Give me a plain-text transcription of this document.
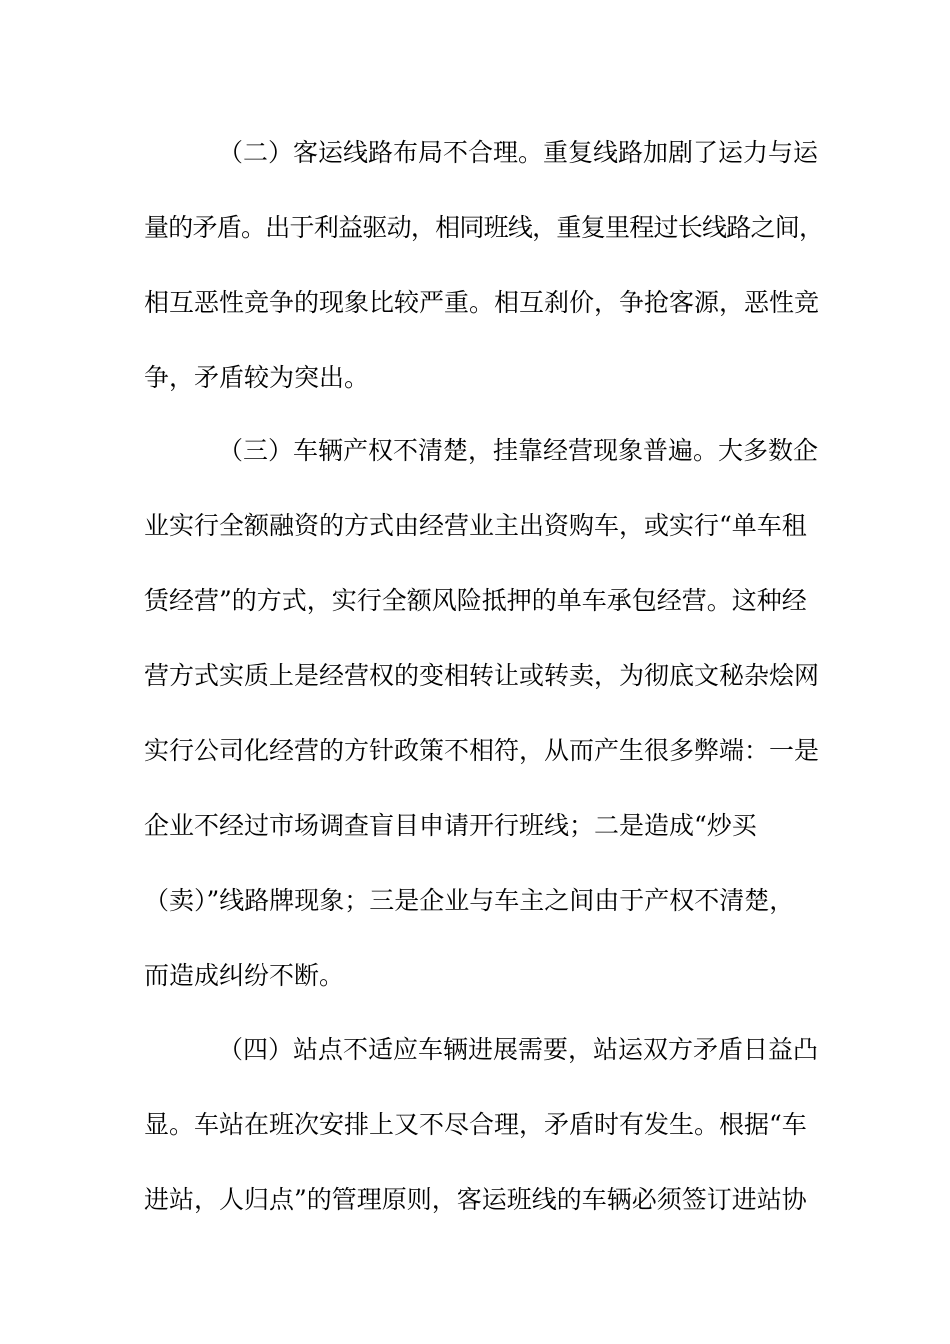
（二）客运线路布局不合理。重复线路加剧了运力与运
量的矛盾。出于利益驱动，相同班线，重复里程过长线路之间，
相互恶性竞争的现象比较严重。相互刹价，争抢客源，恶性竞
争，矛盾较为突出。
（三）车辆产权不清楚，挂靠经营现象普遍。大多数企
业实行全额融资的方式由经营业主出资购车，或实行“单车租
赁经营”的方式，实行全额风险抵押的单车承包经营。这种经
营方式实质上是经营权的变相转让或转卖，为彻底文秘杂烩网
实行公司化经营的方针政策不相符，从而产生很多弊端：一是
企业不经过市场调查盲目申请开行班线；二是造成“炒买
（卖）”线路牌现象；三是企业与车主之间由于产权不清楚，
而造成纠纷不断。
（四）站点不适应车辆进展需要，站运双方矛盾日益凸
显。车站在班次安排上又不尽合理，矛盾时有发生。根据“车
进站，人归点”的管理原则，客运班线的车辆必须签订进站协
